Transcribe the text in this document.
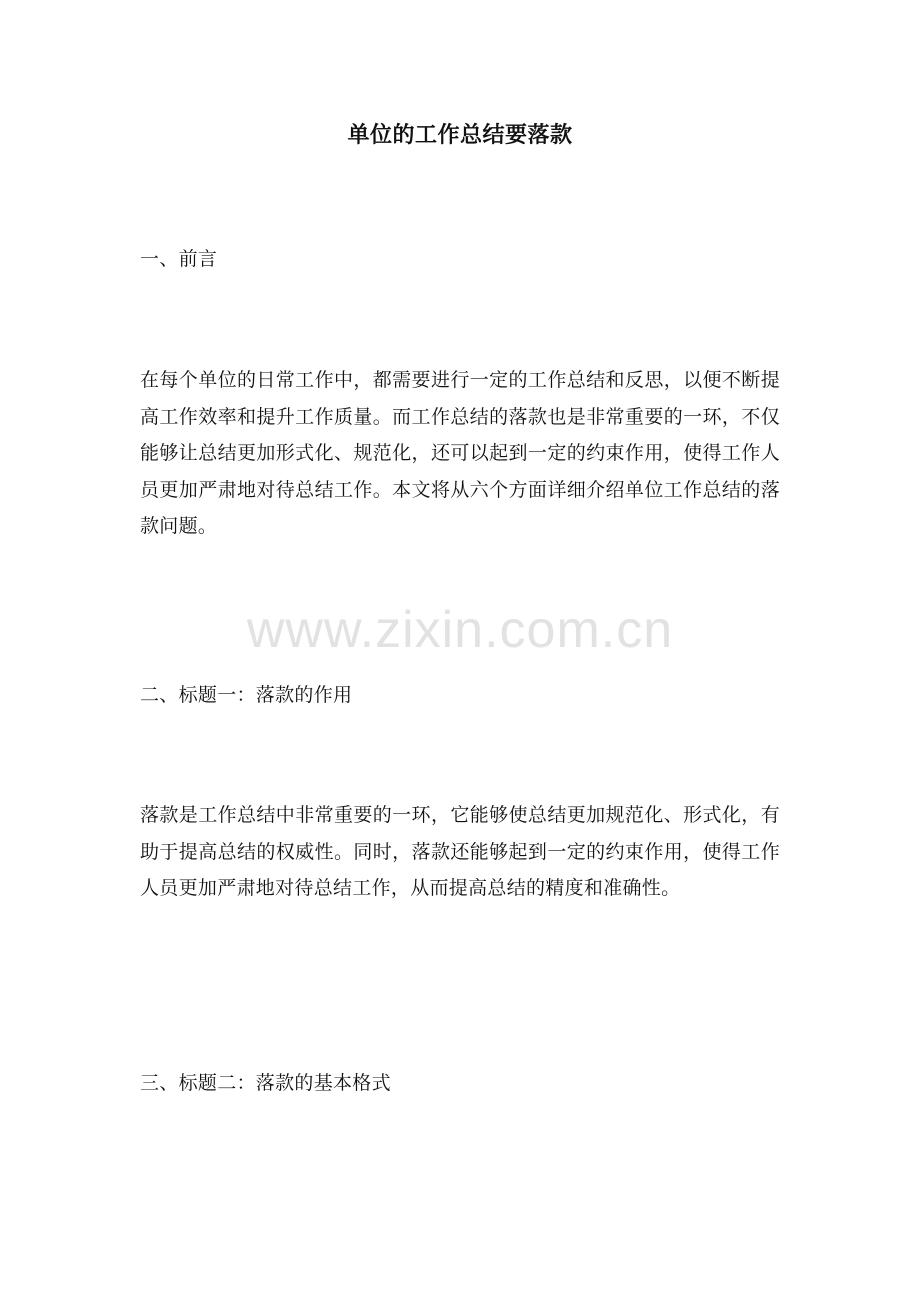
单位的工作总结要落款
一、前言
在每个单位的日常工作中，都需要进行一定的工作总结和反思，以便不断提高工作效率和提升工作质量。而工作总结的落款也是非常重要的一环，不仅能够让总结更加形式化、规范化，还可以起到一定的约束作用，使得工作人员更加严肃地对待总结工作。本文将从六个方面详细介绍单位工作总结的落款问题。
www.zixin.com.cn
二、标题一：落款的作用
落款是工作总结中非常重要的一环，它能够使总结更加规范化、形式化，有助于提高总结的权威性。同时，落款还能够起到一定的约束作用，使得工作人员更加严肃地对待总结工作，从而提高总结的精度和准确性。
三、标题二：落款的基本格式
